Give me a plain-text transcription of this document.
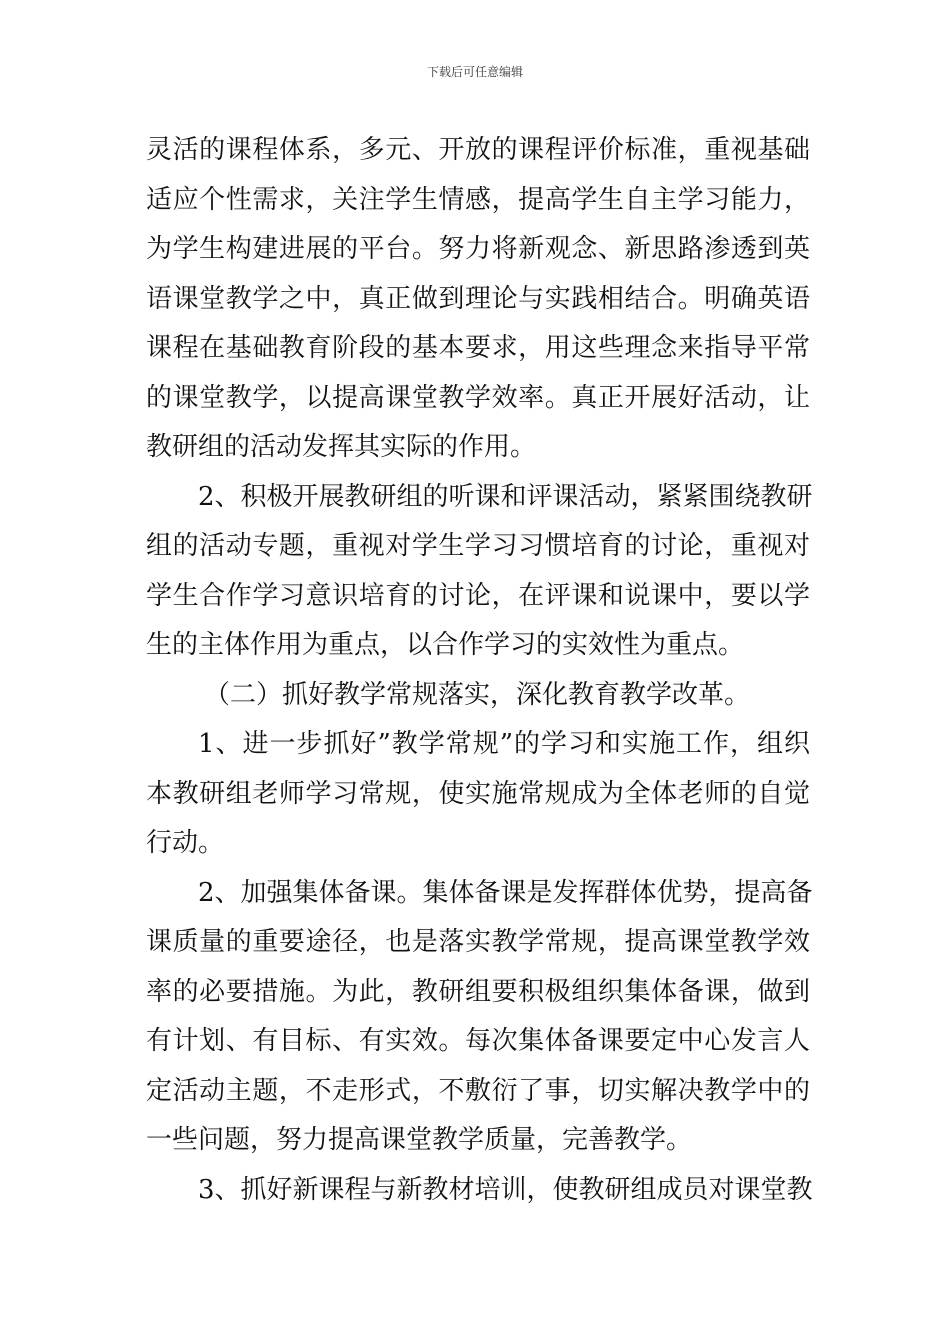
下载后可任意编辑
灵活的课程体系，多元、开放的课程评价标准，重视基础
适应个性需求，关注学生情感，提高学生自主学习能力，
为学生构建进展的平台。努力将新观念、新思路渗透到英
语课堂教学之中，真正做到理论与实践相结合。明确英语
课程在基础教育阶段的基本要求，用这些理念来指导平常
的课堂教学，以提高课堂教学效率。真正开展好活动，让
教研组的活动发挥其实际的作用。
2、积极开展教研组的听课和评课活动，紧紧围绕教研
组的活动专题，重视对学生学习习惯培育的讨论，重视对
学生合作学习意识培育的讨论，在评课和说课中，要以学
生的主体作用为重点，以合作学习的实效性为重点。
（二）抓好教学常规落实，深化教育教学改革。
1、进一步抓好”教学常规”的学习和实施工作，组织
本教研组老师学习常规，使实施常规成为全体老师的自觉
行动。
2、加强集体备课。集体备课是发挥群体优势，提高备
课质量的重要途径，也是落实教学常规，提高课堂教学效
率的必要措施。为此，教研组要积极组织集体备课，做到
有计划、有目标、有实效。每次集体备课要定中心发言人
定活动主题，不走形式，不敷衍了事，切实解决教学中的
一些问题，努力提高课堂教学质量，完善教学。
3、抓好新课程与新教材培训，使教研组成员对课堂教
